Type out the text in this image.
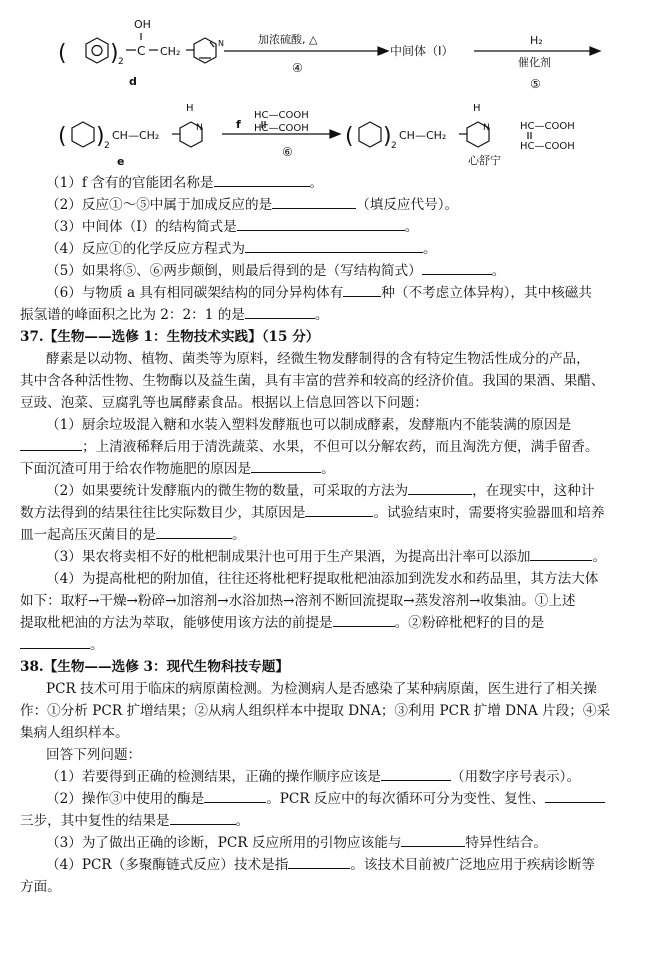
( ) 2
C
OH
CH₂
N
d
加浓硫酸, △
④
中间体（Ⅰ）
H₂
催化剂
⑤
( ) 2
CH—CH₂
H
N
e
f
HC—COOH
HC—COOH
⑥
( ) 2
CH—CH₂
H
N
心舒宁
HC—COOH
HC—COOH
（1）f 含有的官能团名称是	。
（2）反应①～⑤中属于加成反应的是	（填反应代号）。
（3）中间体（Ⅰ）的结构简式是	。
（4）反应①的化学反应方程式为	。
（5）如果将⑤、⑥两步颠倒，则最后得到的是（写结构简式）	。
（6）与物质 a 具有相同碳架结构的同分异构体有	种（不考虑立体异构），其中核磁共
振氢谱的峰面积之比为 2：2：1 的是	。
37.【生物——选修 1：生物技术实践】（15 分）
酵素是以动物、植物、菌类等为原料，经微生物发酵制得的含有特定生物活性成分的产品，
其中含各种活性物、生物酶以及益生菌，具有丰富的营养和较高的经济价值。我国的果酒、果醋、
豆豉、泡菜、豆腐乳等也属酵素食品。根据以上信息回答以下问题：
（1）厨余垃圾混入糖和水装入塑料发酵瓶也可以制成酵素，发酵瓶内不能装满的原因是
；上清液稀释后用于清洗蔬菜、水果，不但可以分解农药，而且淘洗方便，满手留香。
下面沉渣可用于给农作物施肥的原因是	。
（2）如果要统计发酵瓶内的微生物的数量，可采取的方法为	，在现实中，这种计
数方法得到的结果往往比实际数目少，其原因是	。试验结束时，需要将实验器皿和培养
皿一起高压灭菌目的是	。
（3）果农将卖相不好的枇杷制成果汁也可用于生产果酒，为提高出汁率可以添加	。
（4）为提高枇杷的附加值，往往还将枇杷籽提取枇杷油添加到洗发水和药品里，其方法大体
如下：取籽→干燥→粉碎→加溶剂→水浴加热→溶剂不断回流提取→蒸发溶剂→收集油。①上述
提取枇杷油的方法为萃取，能够使用该方法的前提是	。②粉碎枇杷籽的目的是
。
38.【生物——选修 3：现代生物科技专题】
PCR 技术可用于临床的病原菌检测。为检测病人是否感染了某种病原菌，医生进行了相关操
作：①分析 PCR 扩增结果；②从病人组织样本中提取 DNA；③利用 PCR 扩增 DNA 片段；④采
集病人组织样本。
回答下列问题：
（1）若要得到正确的检测结果，正确的操作顺序应该是	（用数字序号表示）。
（2）操作③中使用的酶是	。PCR 反应中的每次循环可分为变性、复性、
三步，其中复性的结果是	。
（3）为了做出正确的诊断，PCR 反应所用的引物应该能与	特异性结合。
（4）PCR（多聚酶链式反应）技术是指	。该技术目前被广泛地应用于疾病诊断等
方面。
